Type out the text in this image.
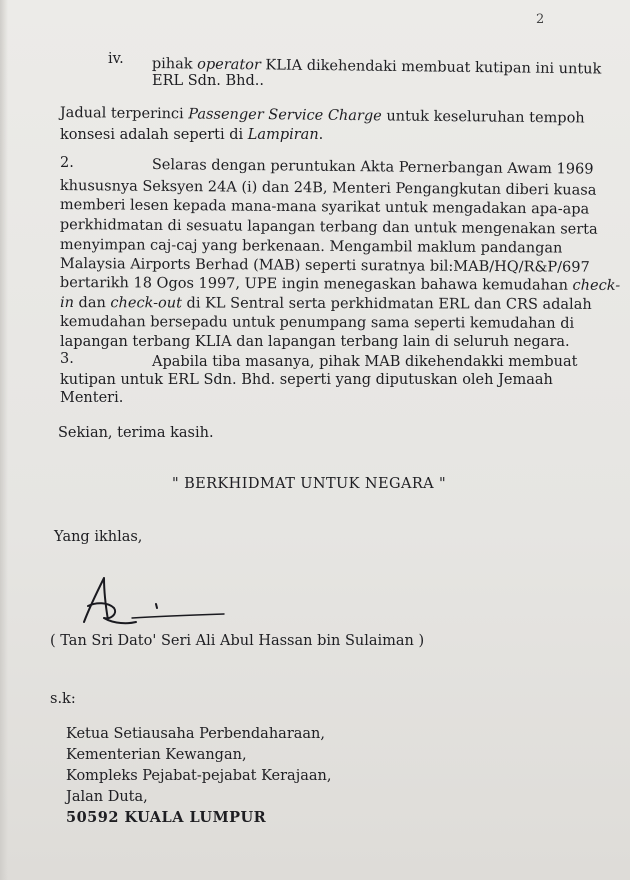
2
iv. pihak operator KLIA dikehendaki membuat kutipan ini untuk
ERL Sdn. Bhd..
Jadual terperinci Passenger Service Charge untuk keseluruhan tempoh
konsesi adalah seperti di Lampiran.
2.	Selaras dengan peruntukan Akta Pernerbangan Awam 1969
khususnya Seksyen 24A (i) dan 24B, Menteri Pengangkutan diberi kuasa
memberi lesen kepada mana-mana syarikat untuk mengadakan apa-apa
perkhidmatan di sesuatu lapangan terbang dan untuk mengenakan serta
menyimpan caj-caj yang berkenaan. Mengambil maklum pandangan
Malaysia Airports Berhad (MAB) seperti suratnya bil:MAB/HQ/R&P/697
bertarikh 18 Ogos 1997, UPE ingin menegaskan bahawa kemudahan check-
in dan check-out di KL Sentral serta perkhidmatan ERL dan CRS adalah
kemudahan bersepadu untuk penumpang sama seperti kemudahan di
lapangan terbang KLIA dan lapangan terbang lain di seluruh negara.
3.	Apabila tiba masanya, pihak MAB dikehendakki membuat
kutipan untuk ERL Sdn. Bhd. seperti yang diputuskan oleh Jemaah
Menteri.
Sekian, terima kasih.
" BERKHIDMAT UNTUK NEGARA "
Yang ikhlas,
( Tan Sri Dato' Seri Ali Abul Hassan bin Sulaiman )
s.k:
Ketua Setiausaha Perbendaharaan,
Kementerian Kewangan,
Kompleks Pejabat-pejabat Kerajaan,
Jalan Duta,
50592 KUALA LUMPUR
